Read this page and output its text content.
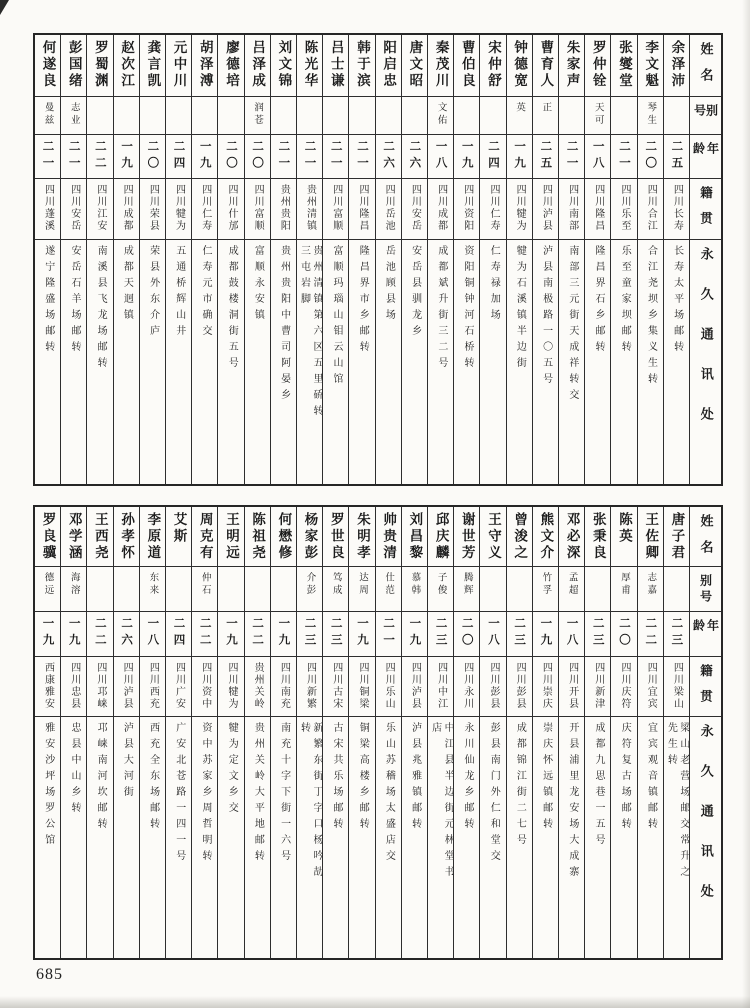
姓名
别号
年龄
籍贯
永久通讯处
余泽沛
二五
四川长寿
长寿太平场邮转
李文魁
琴生
二〇
四川合江
合江尧坝乡集义生转
张燮堂
二一
四川乐至
乐至童家坝邮转
罗仲铨
天可
一八
四川隆昌
隆昌界石乡邮转
朱家声
二一
四川南部
南部三元街天成祥转交
曹育人
正
二五
四川泸县
泸县南极路一〇五号
钟德宽
英
一九
四川犍为
犍为石溪镇半边街
宋仲舒
二四
四川仁寿
仁寿禄加场
曹伯良
一九
四川资阳
资阳铜钟河石桥转
秦茂川
文佑
一八
四川成都
成都斌升街三二号
唐文昭
二六
四川安岳
安岳县驯龙乡
阳启忠
二六
四川岳池
岳池顾县场
韩于滨
二一
四川隆昌
隆昌界市乡邮转
吕士谦
二一
四川富顺
富顺玛瑙山钼云山馆
陈光华
二一
贵州清镇
贵州清镇第六区五里硚转三屯岩脚
刘文锦
二一
贵州贵阳
贵州贵阳中曹司阿晏乡
吕泽成
润苍
二〇
四川富顺
富顺永安镇
廖德培
二〇
四川什邡
成都鼓楼洞街五号
胡泽溥
一九
四川仁寿
仁寿元市确交
元中川
二四
四川犍为
五通桥辉山井
龚言凯
二〇
四川荣县
荣县外东介庐
赵次江
一九
四川成都
成都天迥镇
罗蜀渊
二二
四川江安
南溪县飞龙场邮转
彭国绪
志业
二一
四川安岳
安岳石羊场邮转
何遂良
曼兹
二一
四川蓬溪
遂宁隆盛场邮转
姓名
别号
年龄
籍贯
永久通讯处
唐子君
二三
四川梁山
梁山老营场邮交常升之先生转
王佐卿
志嘉
二二
四川宜宾
宜宾观音镇邮转
陈英
厚甫
二〇
四川庆符
庆符复古场邮转
张秉良
二三
四川新津
成都九思巷一五号
邓必深
孟超
一八
四川开县
开县浦里龙安场大成寨
熊文介
竹孚
一九
四川崇庆
崇庆怀远镇邮转
曾浚之
二三
四川彭县
成都锦江街二七号
王守义
一八
四川彭县
彭县南门外仁和堂交
谢世芳
腾辉
二〇
四川永川
永川仙龙乡邮转
邱庆麟
子俊
二三
四川中江
中江县半边街元林堂书店
刘昌黎
慕韩
一九
四川泸县
泸县兆雅镇邮转
帅贵清
仕范
二一
四川乐山
乐山苏稽场太盛店交
朱明孝
达周
一九
四川铜梁
铜梁高楼乡邮转
罗世良
笃成
二三
四川古宋
古宋共乐场邮转
杨家彭
介彭
二三
四川新繁
新繁东街丁字口杨吟劼转
何懋修
一九
四川南充
南充十字下街一六号
陈祖尧
二二
贵州关岭
贵州关岭大平地邮转
王明远
一九
四川犍为
犍为定文乡交
周克有
仲石
二二
四川资中
资中苏家乡周哲明转
艾斯
二四
四川广安
广安北苍路一四一号
李原道
东来
一八
四川西充
西充全东场邮转
孙孝怀
二六
四川泸县
泸县大河街
王西尧
二二
四川邛崃
邛崃南河坎邮转
邓学涵
海溶
一九
四川忠县
忠县中山乡转
罗良骥
德远
一九
西康雅安
雅安沙坪场罗公馆
685
